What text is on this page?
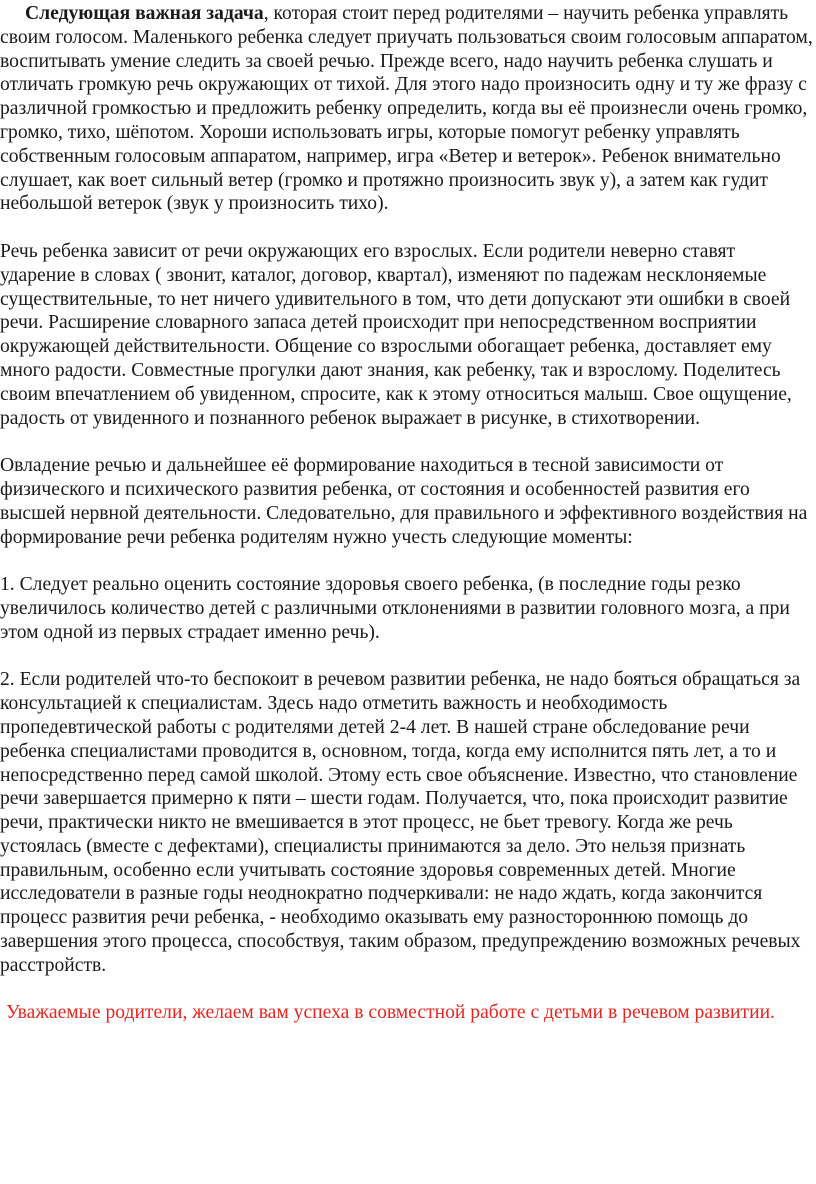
Следующая важная задача, которая стоит перед родителями – научить ребенка управлять своим голосом. Маленького ребенка следует приучать пользоваться своим голосовым аппаратом, воспитывать умение следить за своей речью. Прежде всего, надо научить ребенка слушать и отличать громкую речь окружающих от тихой. Для этого надо произносить одну и ту же фразу с различной громкостью и предложить ребенку определить, когда вы её произнесли очень громко, громко, тихо, шёпотом. Хороши использовать игры, которые помогут ребенку управлять собственным голосовым аппаратом, например, игра «Ветер и ветерок». Ребенок внимательно слушает, как воет сильный ветер (громко и протяжно произносить звук у), а затем как гудит небольшой ветерок (звук у произносить тихо).

Речь ребенка зависит от речи окружающих его взрослых. Если родители неверно ставят ударение в словах ( звонит, каталог, договор, квартал), изменяют по падежам несклоняемые существительные, то нет ничего удивительного в том, что дети допускают эти ошибки в своей речи. Расширение словарного запаса детей происходит при непосредственном восприятии окружающей действительности. Общение со взрослыми обогащает ребенка, доставляет ему много радости. Совместные прогулки дают знания, как ребенку, так и взрослому. Поделитесь своим впечатлением об увиденном, спросите, как к этому относиться малыш. Свое ощущение, радость от увиденного и познанного ребенок выражает в рисунке, в стихотворении.

Овладение речью и дальнейшее её формирование находиться в тесной зависимости от физического и психического развития ребенка, от состояния и особенностей развития его высшей нервной деятельности. Следовательно, для правильного и эффективного воздействия на формирование речи ребенка родителям нужно учесть следующие моменты:

1. Следует реально оценить состояние здоровья своего ребенка, (в последние годы резко увеличилось количество детей с различными отклонениями в развитии головного мозга, а при этом одной из первых страдает именно речь).

2. Если родителей что-то беспокоит в речевом развитии ребенка, не надо бояться обращаться за консультацией к специалистам. Здесь надо отметить важность и необходимость пропедевтической работы с родителями детей 2-4 лет. В нашей стране обследование речи ребенка специалистами проводится в, основном, тогда, когда ему исполнится пять лет, а то и непосредственно перед самой школой. Этому есть свое объяснение. Известно, что становление речи завершается примерно к пяти – шести годам. Получается, что, пока происходит развитие речи, практически никто не вмешивается в этот процесс, не бьет тревогу. Когда же речь устоялась (вместе с дефектами), специалисты принимаются за дело. Это нельзя признать правильным, особенно если учитывать состояние здоровья современных детей. Многие исследователи в разные годы неоднократно подчеркивали: не надо ждать, когда закончится процесс развития речи ребенка, - необходимо оказывать ему разностороннюю помощь до завершения этого процесса, способствуя, таким образом, предупреждению возможных речевых расстройств.

Уважаемые родители, желаем вам успеха в совместной работе с детьми в речевом развитии.
